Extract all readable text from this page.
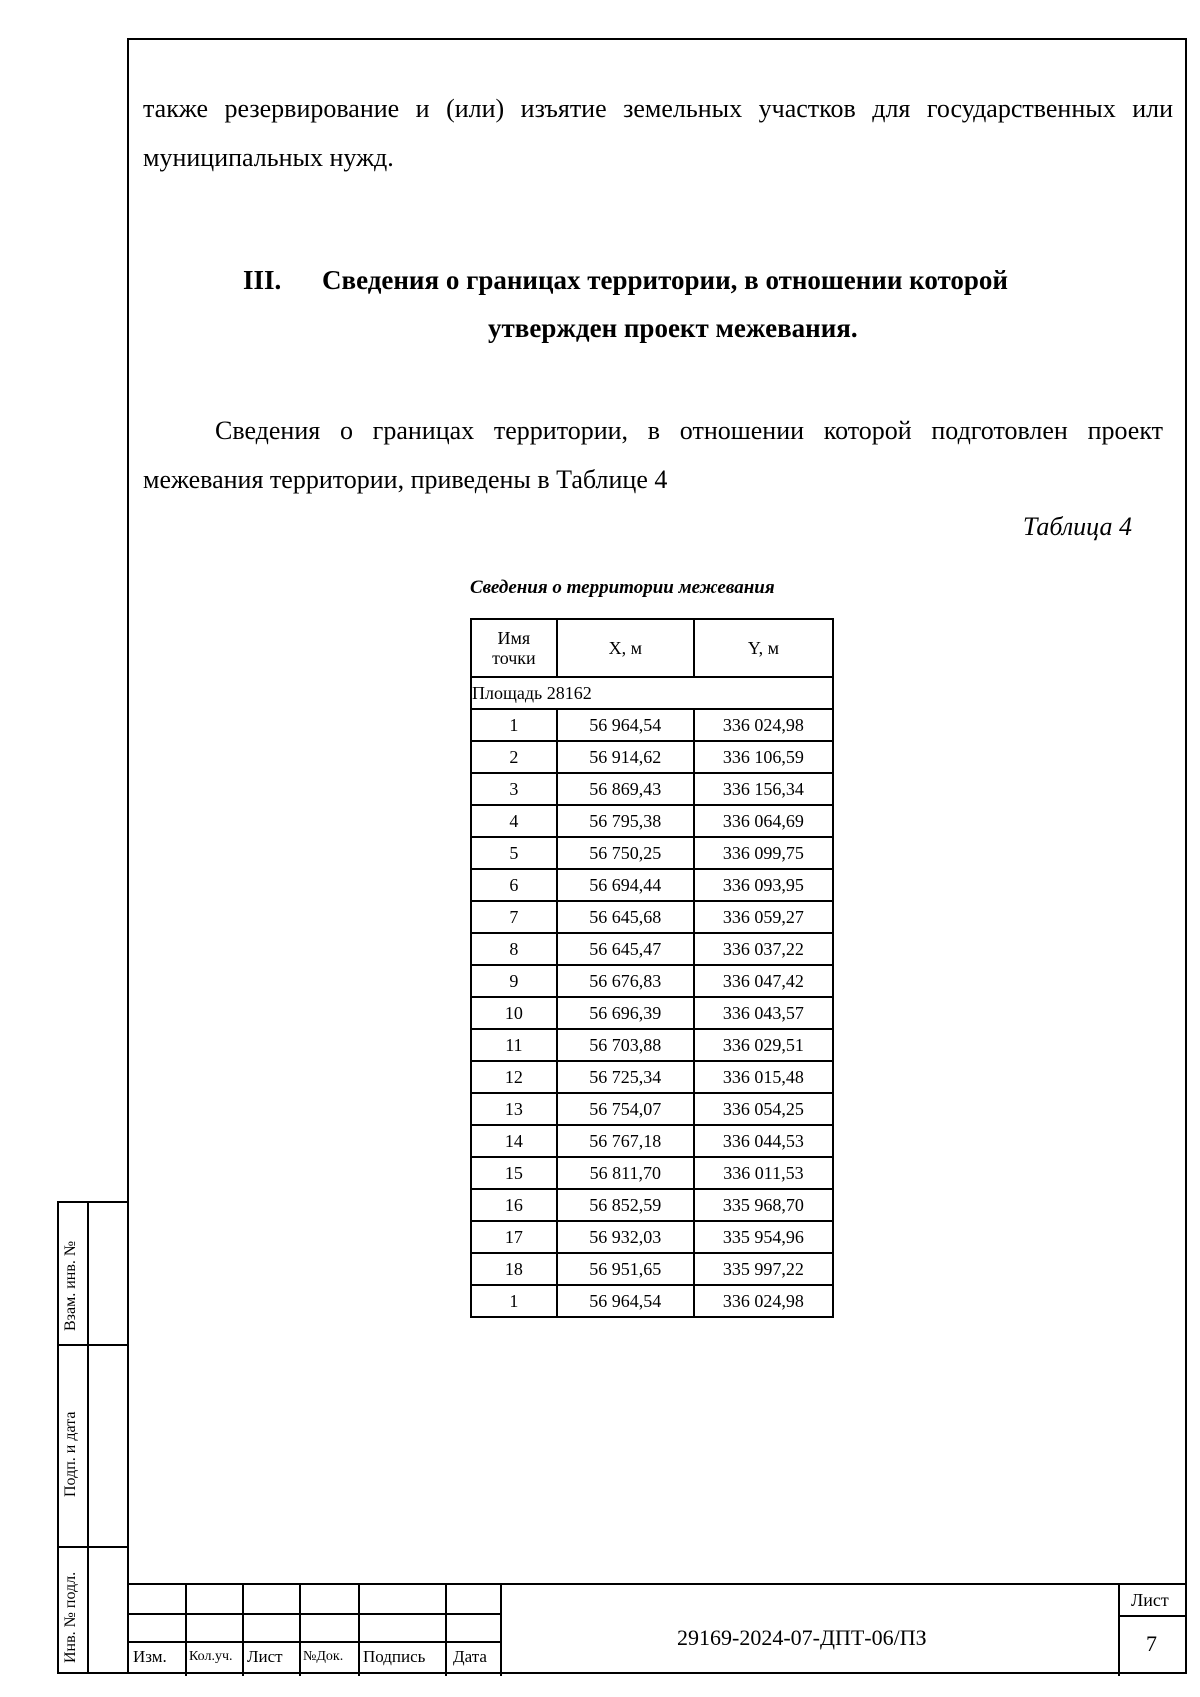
также резервирование и (или) изъятие земельных участков для государственных или муниципальных нужд.
III. Сведения о границах территории, в отношении которой
утвержден проект межевания.
Сведения о границах территории, в отношении которой подготовлен проект межевания территории, приведены в Таблице 4
Таблица 4
Сведения о территории межевания
Имя точки	X, м	Y, м
Площадь 28162		
1	56 964,54	336 024,98
2	56 914,62	336 106,59
3	56 869,43	336 156,34
4	56 795,38	336 064,69
5	56 750,25	336 099,75
6	56 694,44	336 093,95
7	56 645,68	336 059,27
8	56 645,47	336 037,22
9	56 676,83	336 047,42
10	56 696,39	336 043,57
11	56 703,88	336 029,51
12	56 725,34	336 015,48
13	56 754,07	336 054,25
14	56 767,18	336 044,53
15	56 811,70	336 011,53
16	56 852,59	335 968,70
17	56 932,03	335 954,96
18	56 951,65	335 997,22
1	56 964,54	336 024,98
Взам. инв. №
Подп. и дата
Инв. № подл.	Изм. Кол.уч. Лист №Док. Подпись Дата
29169-2024-07-ДПТ-06/ПЗ
Лист
7
